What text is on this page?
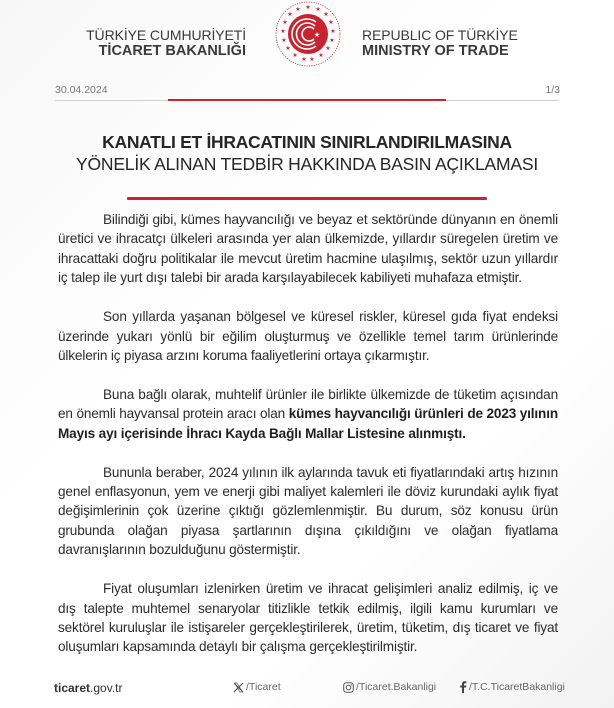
TÜRKİYE CUMHURİYETİ
TİCARET BAKANLIĞI
★ ★
★
★
★
★
★
★
★
★
★
★
★
★
★
★
★
★	REPUBLIC OF TÜRKİYE
MINISTRY OF TRADE
30.04.2024	1/3
KANATLI ET İHRACATININ SINIRLANDIRILMASINA
YÖNELİK ALINAN TEDBİR HAKKINDA BASIN AÇIKLAMASI

Bilindiği gibi, kümes hayvancılığı ve beyaz et sektöründe dünyanın en önemli üretici ve ihracatçı ülkeleri arasında yer alan ülkemizde, yıllardır süregelen üretim ve ihracattaki doğru politikalar ile mevcut üretim hacmine ulaşılmış, sektör uzun yıllardır iç talep ile yurt dışı talebi bir arada karşılayabilecek kabiliyeti muhafaza etmiştir.

Son yıllarda yaşanan bölgesel ve küresel riskler, küresel gıda fiyat endeksi üzerinde yukarı yönlü bir eğilim oluşturmuş ve özellikle temel tarım ürünlerinde ülkelerin iç piyasa arzını koruma faaliyetlerini ortaya çıkarmıştır.

Buna bağlı olarak, muhtelif ürünler ile birlikte ülkemizde de tüketim açısından en önemli hayvansal protein aracı olan kümes hayvancılığı ürünleri de 2023 yılının Mayıs ayı içerisinde İhracı Kayda Bağlı Mallar Listesine alınmıştı.

Bununla beraber, 2024 yılının ilk aylarında tavuk eti fiyatlarındaki artış hızının genel enflasyonun, yem ve enerji gibi maliyet kalemleri ile döviz kurundaki aylık fiyat değişimlerinin çok üzerine çıktığı gözlemlenmiştir. Bu durum, söz konusu ürün grubunda olağan piyasa şartlarının dışına çıkıldığını ve olağan fiyatlama davranışlarının bozulduğunu göstermiştir.

Fiyat oluşumları izlenirken üretim ve ihracat gelişimleri analiz edilmiş, iç ve dış talepte muhtemel senaryolar titizlikle tetkik edilmiş, ilgili kamu kurumları ve sektörel kuruluşlar ile istişareler gerçekleştirilerek, üretim, tüketim, dış ticaret ve fiyat oluşumları kapsamında detaylı bir çalışma gerçekleştirilmiştir.

ticaret.gov.tr	/Ticaret	/Ticaret.Bakanligi	/T.C.TicaretBakanligi
